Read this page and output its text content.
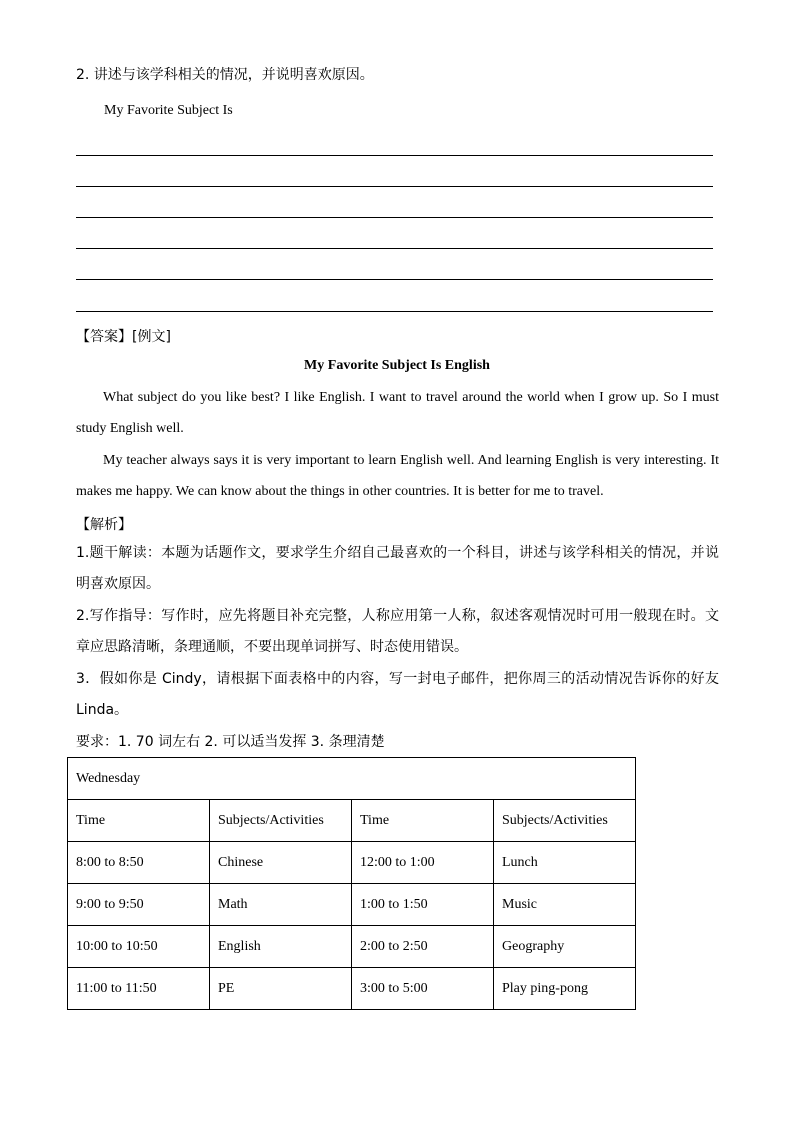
2. 讲述与该学科相关的情况，并说明喜欢原因。
My Favorite Subject Is
【答案】[例文]
My Favorite Subject Is English
What subject do you like best? I like English. I want to travel around the world when I grow up. So I must study English well.
My teacher always says it is very important to learn English well. And learning English is very interesting. It makes me happy. We can know about the things in other countries. It is better for me to travel.
【解析】
1.题干解读：本题为话题作文，要求学生介绍自己最喜欢的一个科目，讲述与该学科相关的情况，并说明喜欢原因。
2.写作指导：写作时，应先将题目补充完整，人称应用第一人称，叙述客观情况时可用一般现在时。文章应思路清晰，条理通顺，不要出现单词拼写、时态使用错误。
3．假如你是 Cindy，请根据下面表格中的内容，写一封电子邮件，把你周三的活动情况告诉你的好友 Linda。
要求：1. 70 词左右 2. 可以适当发挥 3. 条理清楚
Wednesday			
Time	Subjects/Activities	Time	Subjects/Activities
8:00 to 8:50	Chinese	12:00 to 1:00	Lunch
9:00 to 9:50	Math	1:00 to 1:50	Music
10:00 to 10:50	English	2:00 to 2:50	Geography
11:00 to 11:50	PE	3:00 to 5:00	Play ping-pong
